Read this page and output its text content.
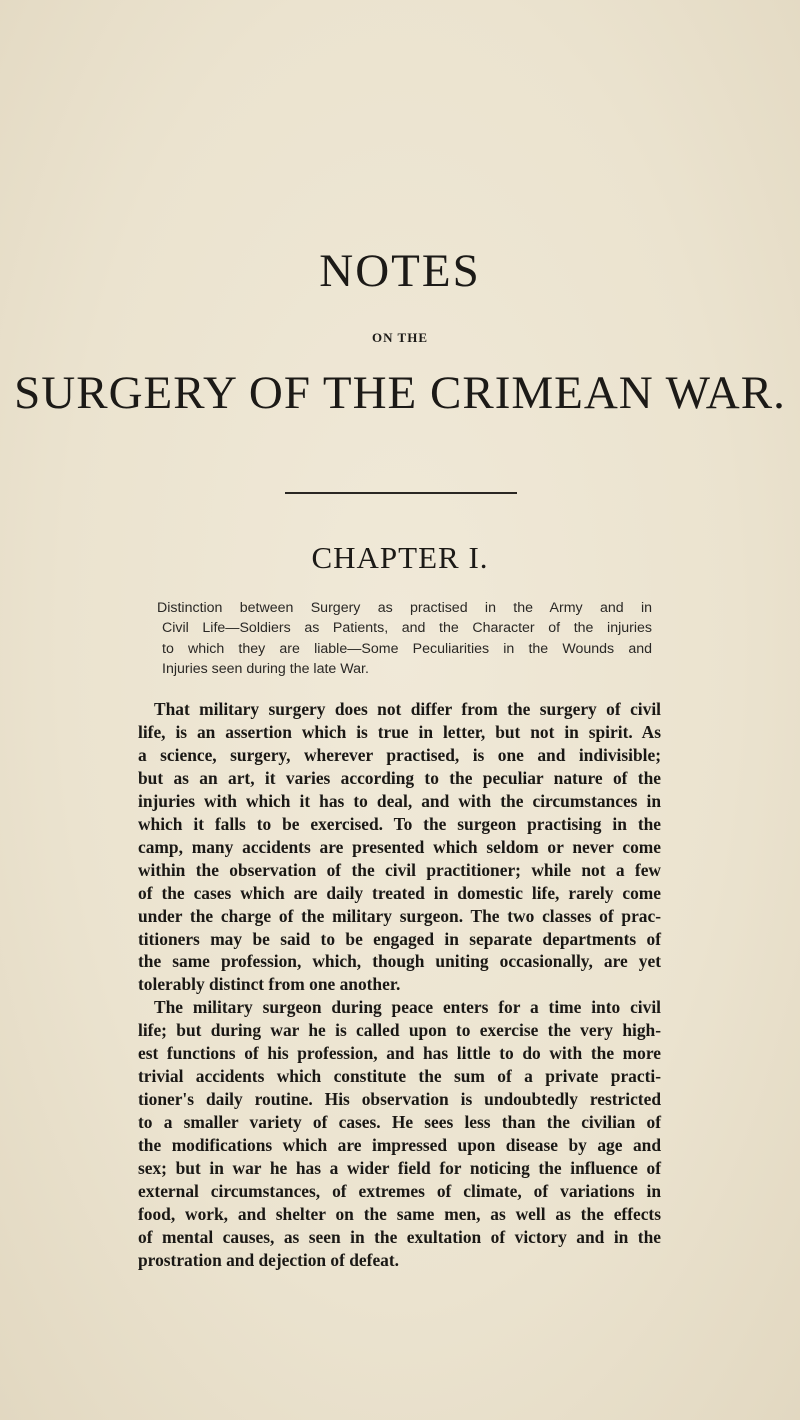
NOTES
ON THE
SURGERY OF THE CRIMEAN WAR.
CHAPTER I.
Distinction between Surgery as practised in the Army and in
Civil Life—Soldiers as Patients, and the Character of the injuries
to which they are liable—Some Peculiarities in the Wounds and
Injuries seen during the late War.
That military surgery does not differ from the surgery of civil
life, is an assertion which is true in letter, but not in spirit. As
a science, surgery, wherever practised, is one and indivisible;
but as an art, it varies according to the peculiar nature of the
injuries with which it has to deal, and with the circumstances in
which it falls to be exercised. To the surgeon practising in the
camp, many accidents are presented which seldom or never come
within the observation of the civil practitioner; while not a few
of the cases which are daily treated in domestic life, rarely come
under the charge of the military surgeon. The two classes of prac-
titioners may be said to be engaged in separate departments of
the same profession, which, though uniting occasionally, are yet
tolerably distinct from one another.
The military surgeon during peace enters for a time into civil
life; but during war he is called upon to exercise the very high-
est functions of his profession, and has little to do with the more
trivial accidents which constitute the sum of a private practi-
tioner's daily routine. His observation is undoubtedly restricted
to a smaller variety of cases. He sees less than the civilian of
the modifications which are impressed upon disease by age and
sex; but in war he has a wider field for noticing the influence of
external circumstances, of extremes of climate, of variations in
food, work, and shelter on the same men, as well as the effects
of mental causes, as seen in the exultation of victory and in the
prostration and dejection of defeat.
